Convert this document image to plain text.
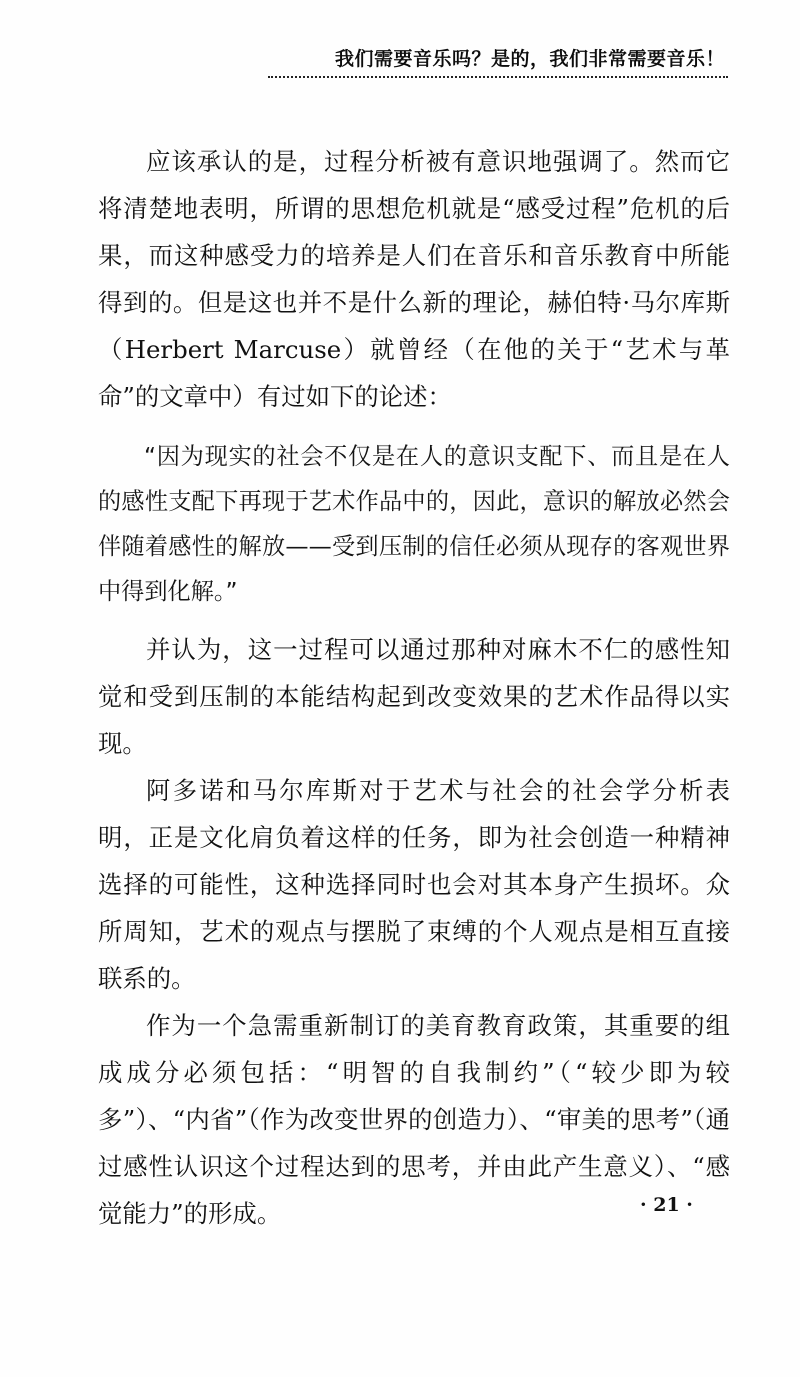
我们需要音乐吗？是的，我们非常需要音乐！

应该承认的是，过程分析被有意识地强调了。然而它将清楚地表明，所谓的思想危机就是“感受过程”危机的后果，而这种感受力的培养是人们在音乐和音乐教育中所能得到的。但是这也并不是什么新的理论，赫伯特·马尔库斯（Herbert Marcuse）就曾经（在他的关于“艺术与革命”的文章中）有过如下的论述：

“因为现实的社会不仅是在人的意识支配下、而且是在人的感性支配下再现于艺术作品中的，因此，意识的解放必然会伴随着感性的解放——受到压制的信任必须从现存的客观世界中得到化解。”

并认为，这一过程可以通过那种对麻木不仁的感性知觉和受到压制的本能结构起到改变效果的艺术作品得以实现。

阿多诺和马尔库斯对于艺术与社会的社会学分析表明，正是文化肩负着这样的任务，即为社会创造一种精神选择的可能性，这种选择同时也会对其本身产生损坏。众所周知，艺术的观点与摆脱了束缚的个人观点是相互直接联系的。

作为一个急需重新制订的美育教育政策，其重要的组成成分必须包括：“明智的自我制约”（“较少即为较多”）、“内省”（作为改变世界的创造力）、“审美的思考”（通过感性认识这个过程达到的思考，并由此产生意义）、“感觉能力”的形成。	· 21 ·
